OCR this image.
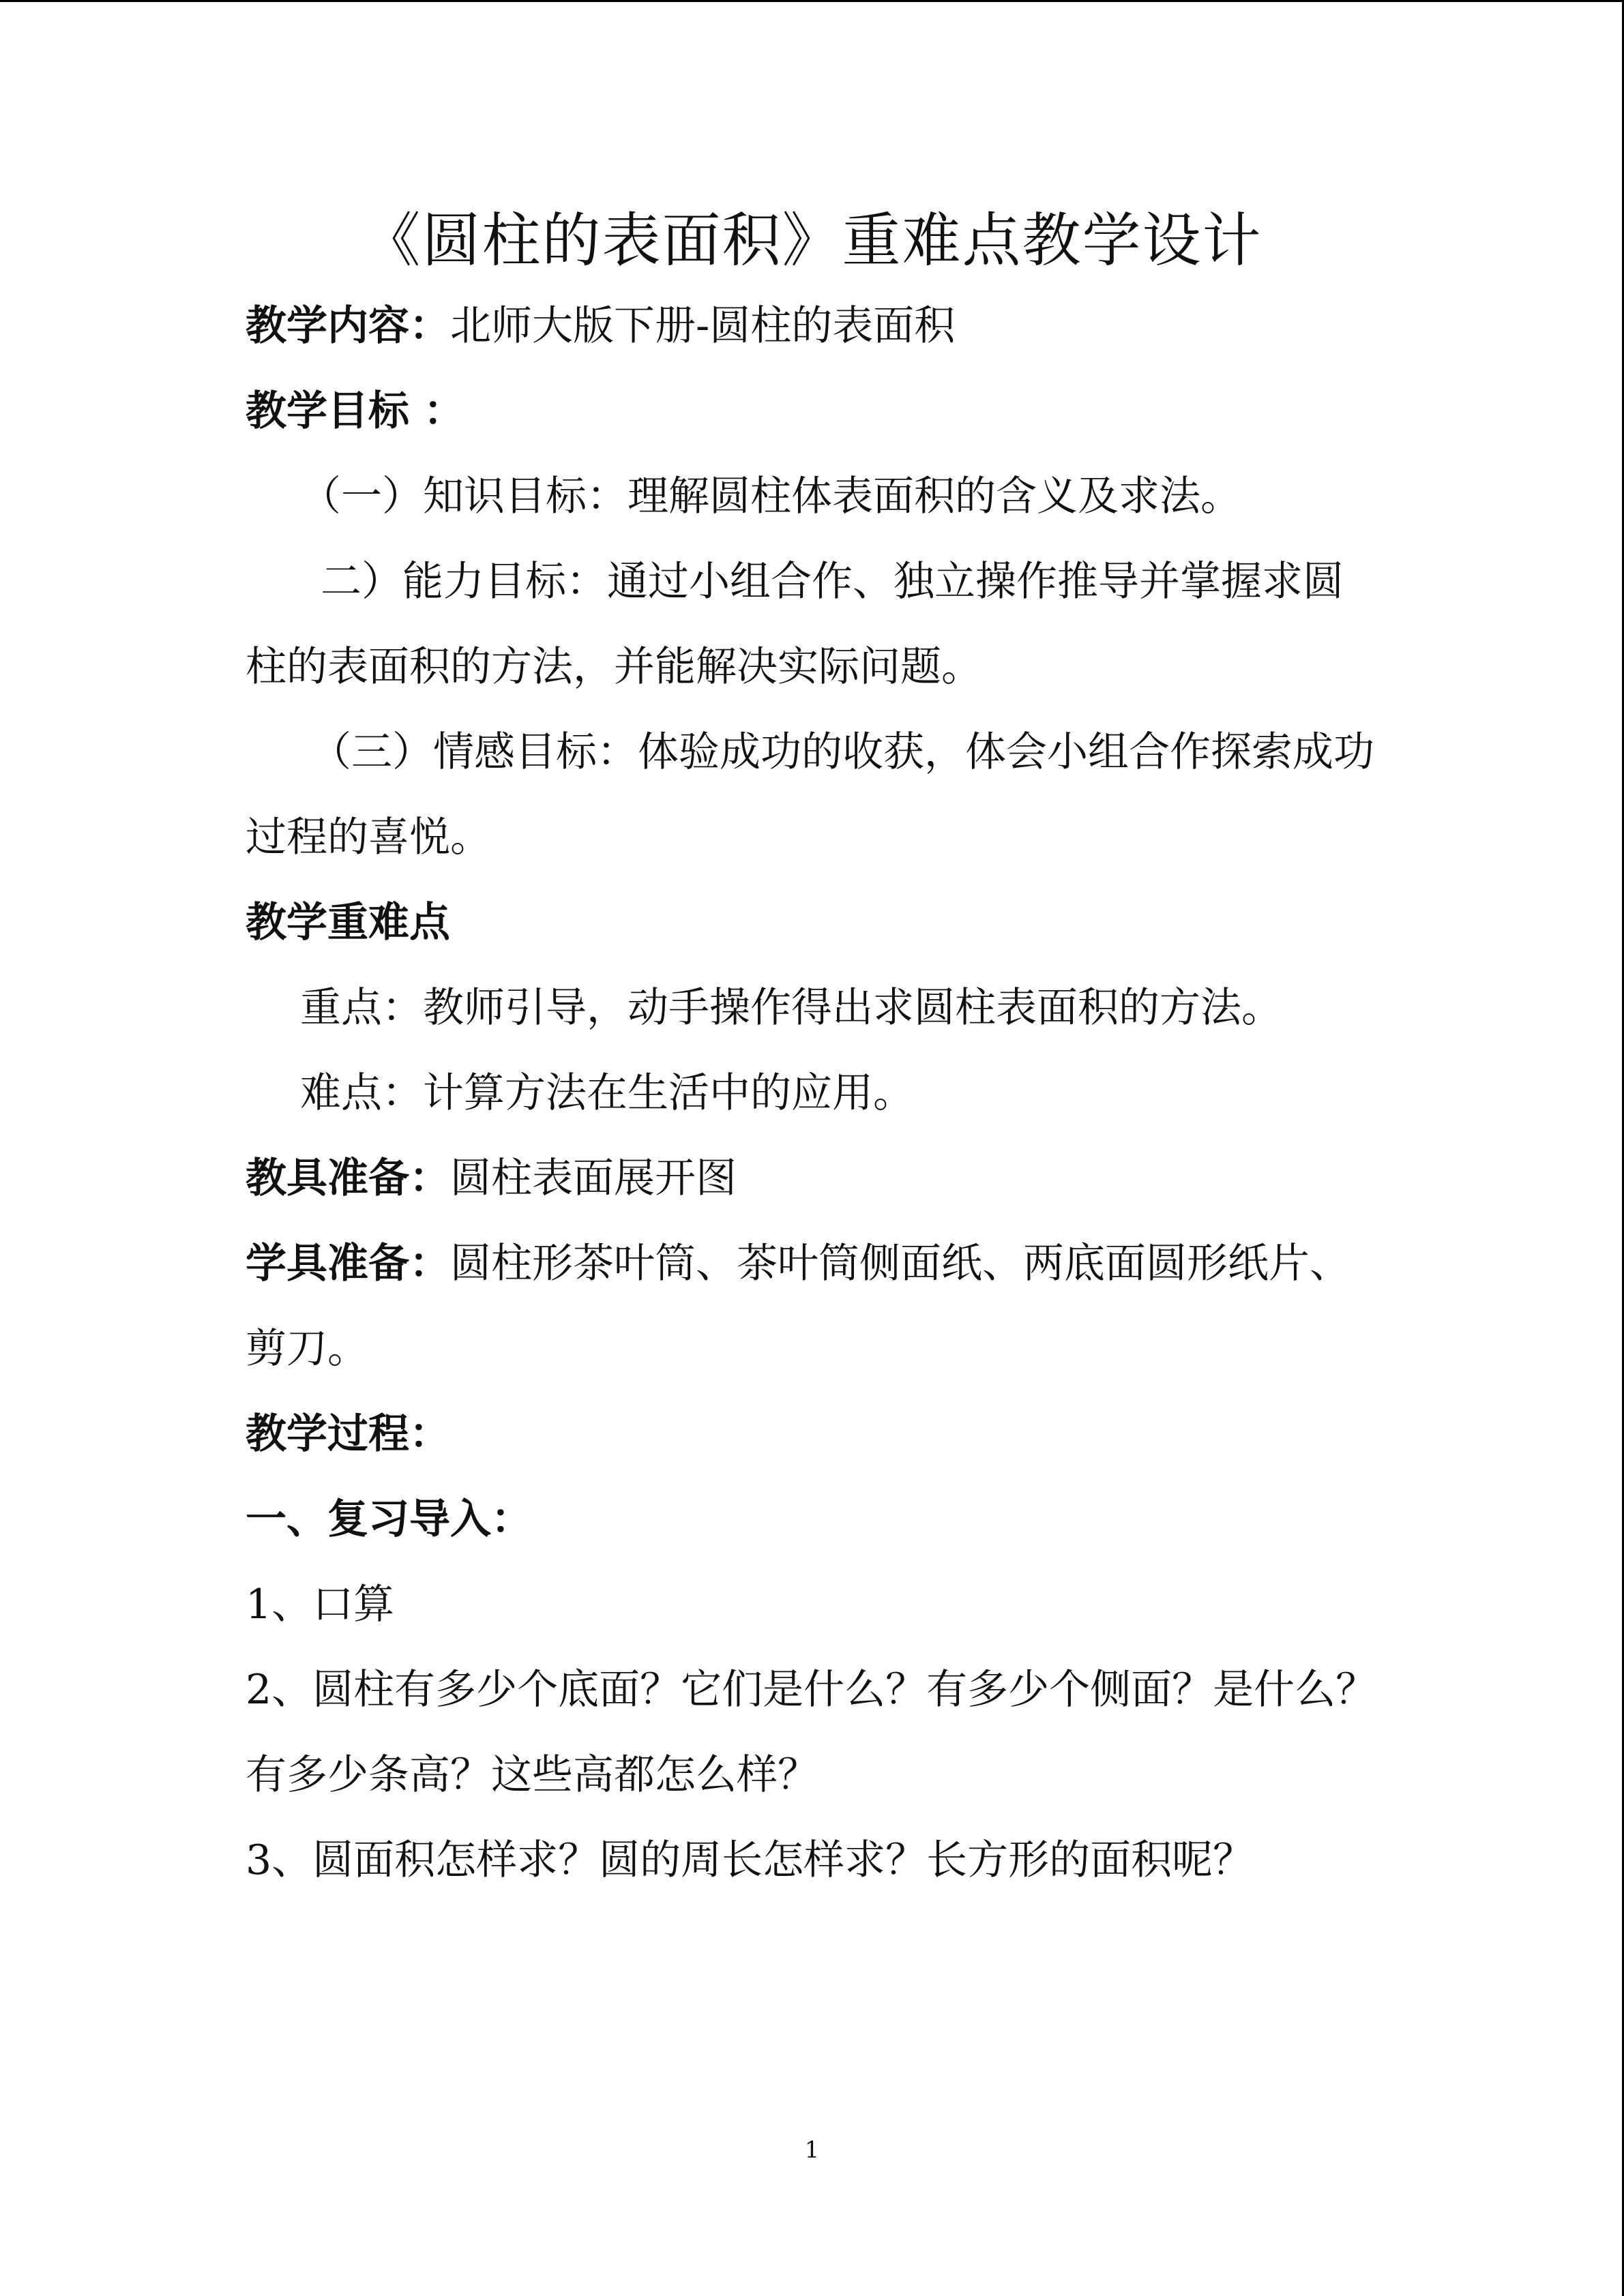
《圆柱的表面积》重难点教学设计
教学内容：北师大版下册-圆柱的表面积
教学目标 ：
（一）知识目标：理解圆柱体表面积的含义及求法。
二）能力目标：通过小组合作、独立操作推导并掌握求圆
柱的表面积的方法，并能解决实际问题。
（三）情感目标：体验成功的收获，体会小组合作探索成功
过程的喜悦。
教学重难点
重点：教师引导，动手操作得出求圆柱表面积的方法。
难点：计算方法在生活中的应用。
教具准备：圆柱表面展开图
学具准备：圆柱形茶叶筒、茶叶筒侧面纸、两底面圆形纸片、
剪刀。
教学过程：
一、复习导入：
1、口算
2、圆柱有多少个底面？它们是什么？有多少个侧面？是什么？
有多少条高？这些高都怎么样？
3、圆面积怎样求？圆的周长怎样求？长方形的面积呢？
1
